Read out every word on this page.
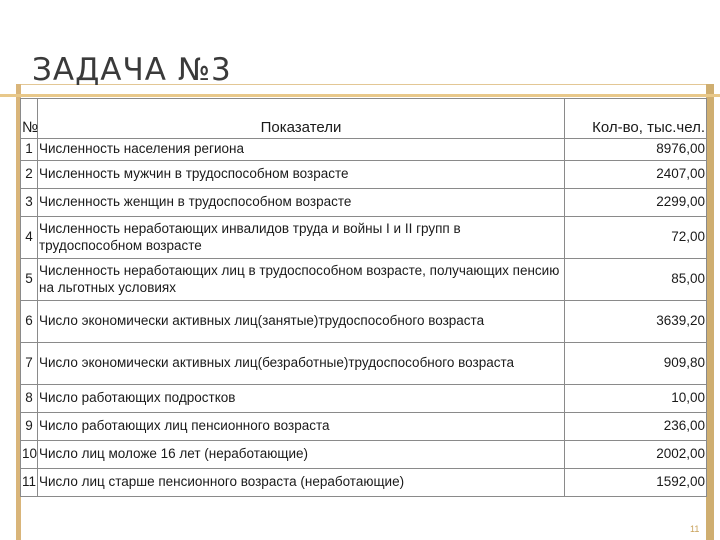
ЗАДАЧА №3
№	Показатели	Кол-во, тыс.чел.
1	Численность населения региона	8976,00
2	Численность мужчин в трудоспособном возрасте	2407,00
3	Численность женщин в трудоспособном возрасте	2299,00
4	Численность неработающих инвалидов труда и войны I и II групп в трудоспособном возрасте	72,00
5	Численность неработающих лиц в трудоспособном возрасте, получающих пенсию на льготных условиях	85,00
6	Число экономически активных лиц(занятые)трудоспособного возраста	3639,20
7	Число экономически активных лиц(безработные)трудоспособного возраста	909,80
8	Число работающих подростков	10,00
9	Число работающих лиц пенсионного возраста	236,00
10	Число лиц моложе 16 лет (неработающие)	2002,00
11	Число лиц старше пенсионного возраста (неработающие)	1592,00
11
